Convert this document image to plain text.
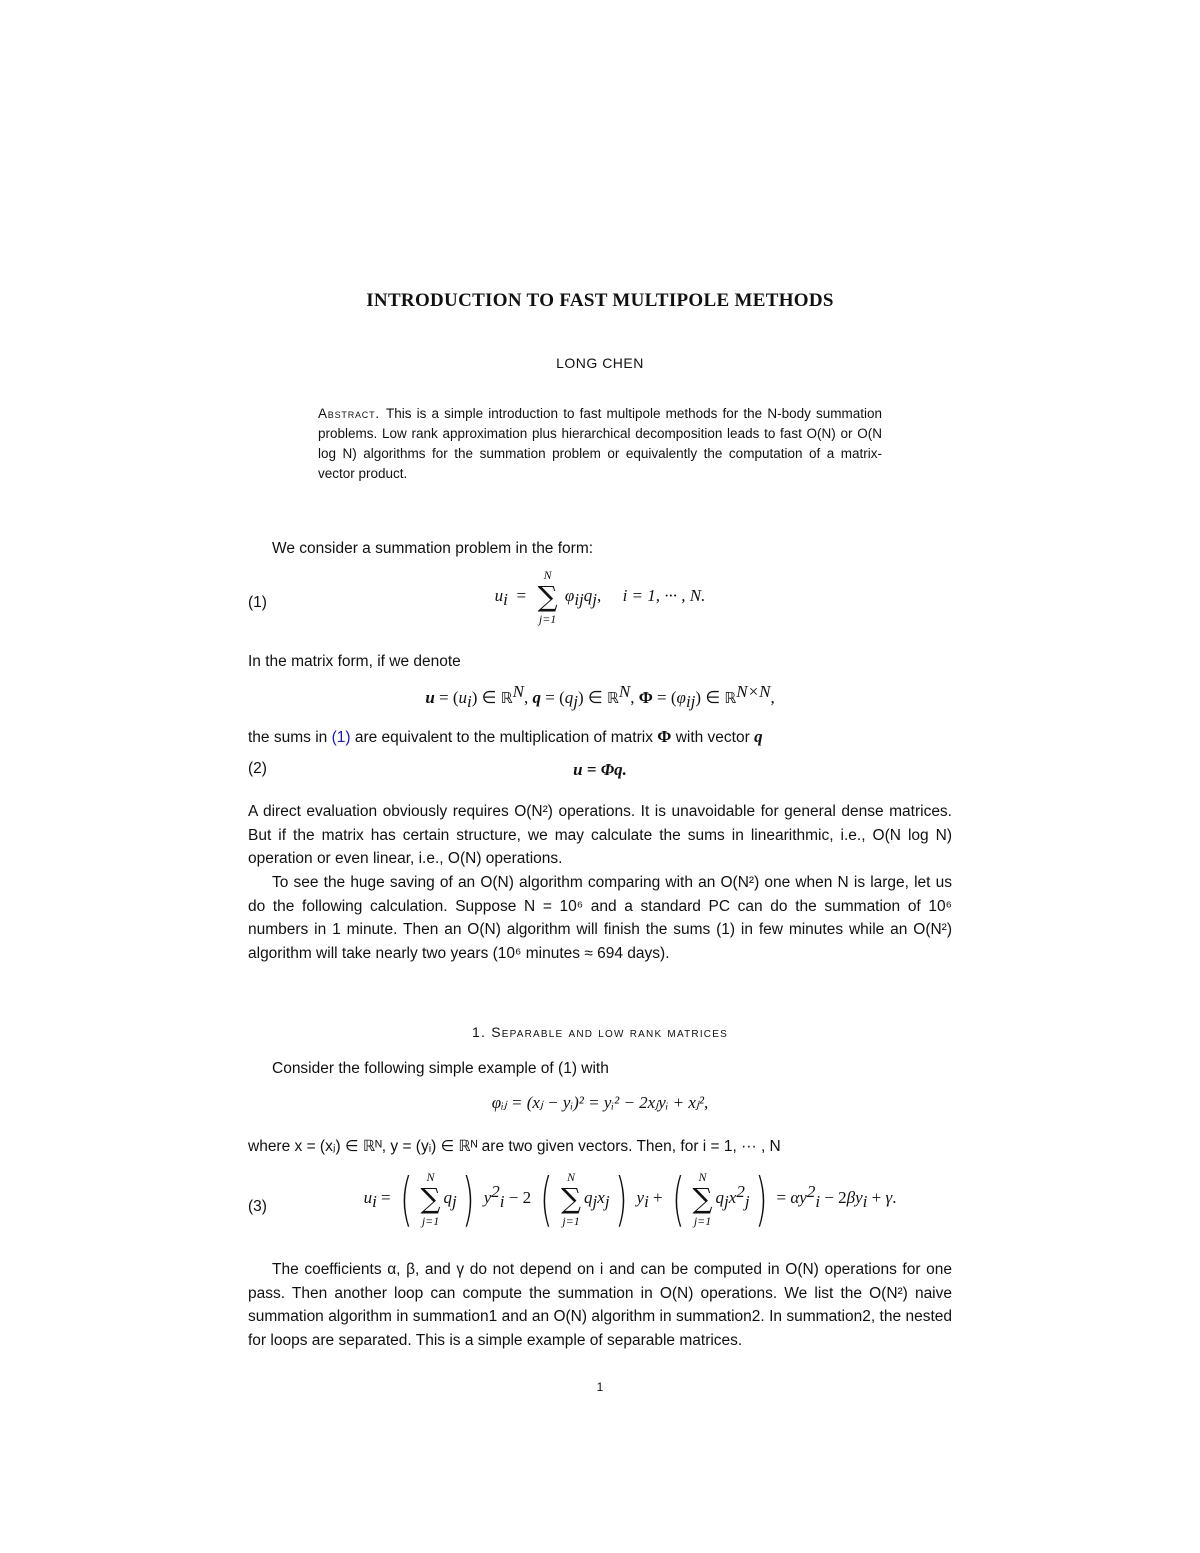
INTRODUCTION TO FAST MULTIPOLE METHODS
LONG CHEN
Abstract. This is a simple introduction to fast multipole methods for the N-body summation problems. Low rank approximation plus hierarchical decomposition leads to fast O(N) or O(N log N) algorithms for the summation problem or equivalently the computation of a matrix-vector product.
We consider a summation problem in the form:
(1)	$u_i$  =
N
∑
j=1
$\varphi_{ij}q_j$,     i = 1, ··· , N.
In the matrix form, if we denote
$u = (u_i)$ ∈ ℝ$^N$, $q = (q_j)$ ∈ ℝ$^N$, $\Phi = (\varphi_{ij})$ ∈ ℝ$^{N\times N}$,
the sums in (1) are equivalent to the multiplication of matrix Φ with vector q
(2)	u = Φq.
A direct evaluation obviously requires O(N²) operations. It is unavoidable for general dense matrices. But if the matrix has certain structure, we may calculate the sums in linearithmic, i.e., O(N log N) operation or even linear, i.e., O(N) operations.
To see the huge saving of an O(N) algorithm comparing with an O(N²) one when N is large, let us do the following calculation. Suppose N = 10⁶ and a standard PC can do the summation of 10⁶ numbers in 1 minute. Then an O(N) algorithm will finish the sums (1) in few minutes while an O(N²) algorithm will take nearly two years (10⁶ minutes ≈ 694 days).
1. Separable and low rank matrices
Consider the following simple example of (1) with
φᵢⱼ = (xⱼ − yᵢ)² = yᵢ² − 2xⱼyᵢ + xⱼ²,
where x = (xⱼ) ∈ ℝᴺ, y = (yᵢ) ∈ ℝᴺ are two given vectors. Then, for i = 1, ··· , N
(3)	$u_i$ = (	N
∑
j=1
$q_j$) $y^2_i - 2$ (	N
∑
j=1
$q_jx_j$) $y_i$ + (	N
∑
j=1
$q_jx^2_j) = \alpha y^2_i - 2\beta y_i + \gamma$.
The coefficients α, β, and γ do not depend on i and can be computed in O(N) operations for one pass. Then another loop can compute the summation in O(N) operations. We list the O(N²) naive summation algorithm in summation1 and an O(N) algorithm in summation2. In summation2, the nested for loops are separated. This is a simple example of separable matrices.
1
